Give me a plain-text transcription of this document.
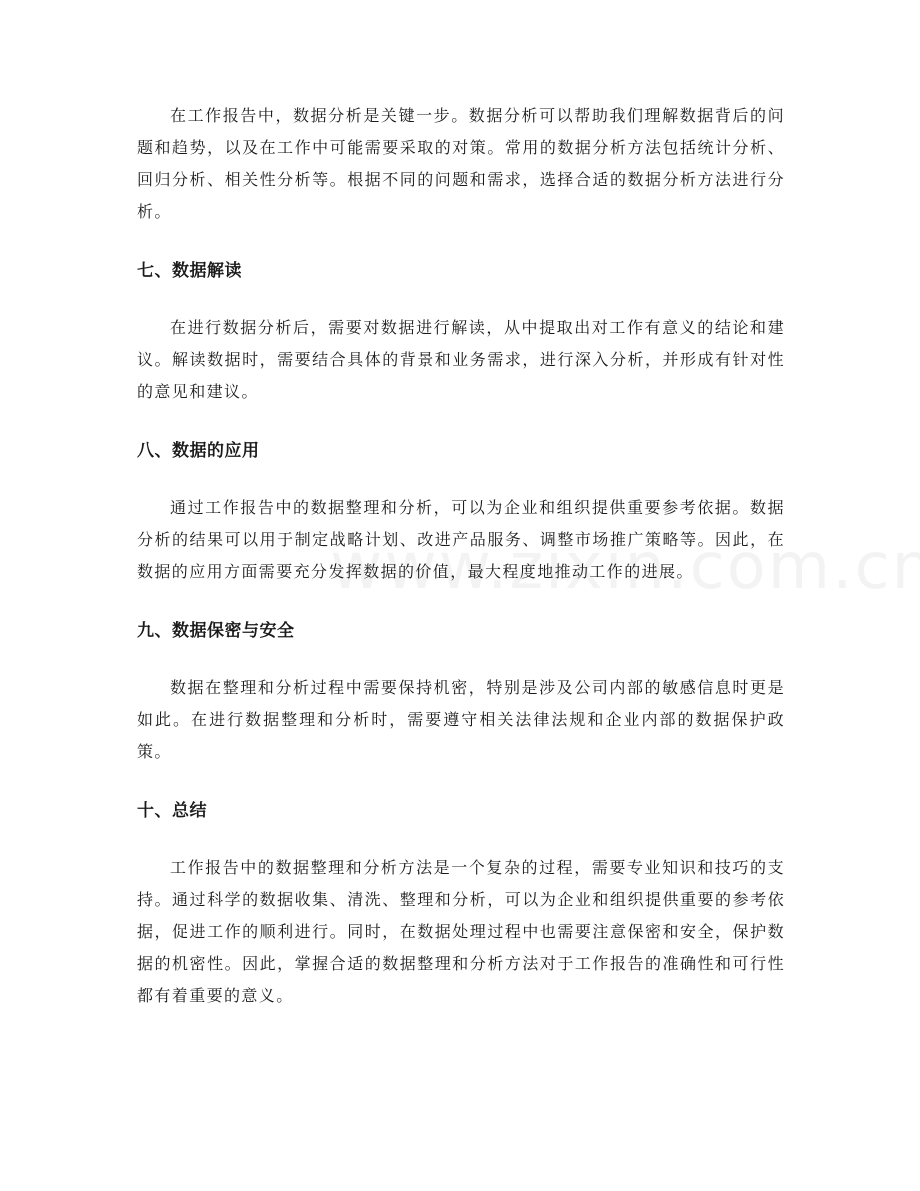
在工作报告中，数据分析是关键一步。数据分析可以帮助我们理解数据背后的问题和趋势，以及在工作中可能需要采取的对策。常用的数据分析方法包括统计分析、回归分析、相关性分析等。根据不同的问题和需求，选择合适的数据分析方法进行分析。

七、数据解读

在进行数据分析后，需要对数据进行解读，从中提取出对工作有意义的结论和建议。解读数据时，需要结合具体的背景和业务需求，进行深入分析，并形成有针对性的意见和建议。

八、数据的应用

通过工作报告中的数据整理和分析，可以为企业和组织提供重要参考依据。数据分析的结果可以用于制定战略计划、改进产品服务、调整市场推广策略等。因此，在数据的应用方面需要充分发挥数据的价值，最大程度地推动工作的进展。

九、数据保密与安全

数据在整理和分析过程中需要保持机密，特别是涉及公司内部的敏感信息时更是如此。在进行数据整理和分析时，需要遵守相关法律法规和企业内部的数据保护政策。

十、总结

工作报告中的数据整理和分析方法是一个复杂的过程，需要专业知识和技巧的支持。通过科学的数据收集、清洗、整理和分析，可以为企业和组织提供重要的参考依据，促进工作的顺利进行。同时，在数据处理过程中也需要注意保密和安全，保护数据的机密性。因此，掌握合适的数据整理和分析方法对于工作报告的准确性和可行性都有着重要的意义。
